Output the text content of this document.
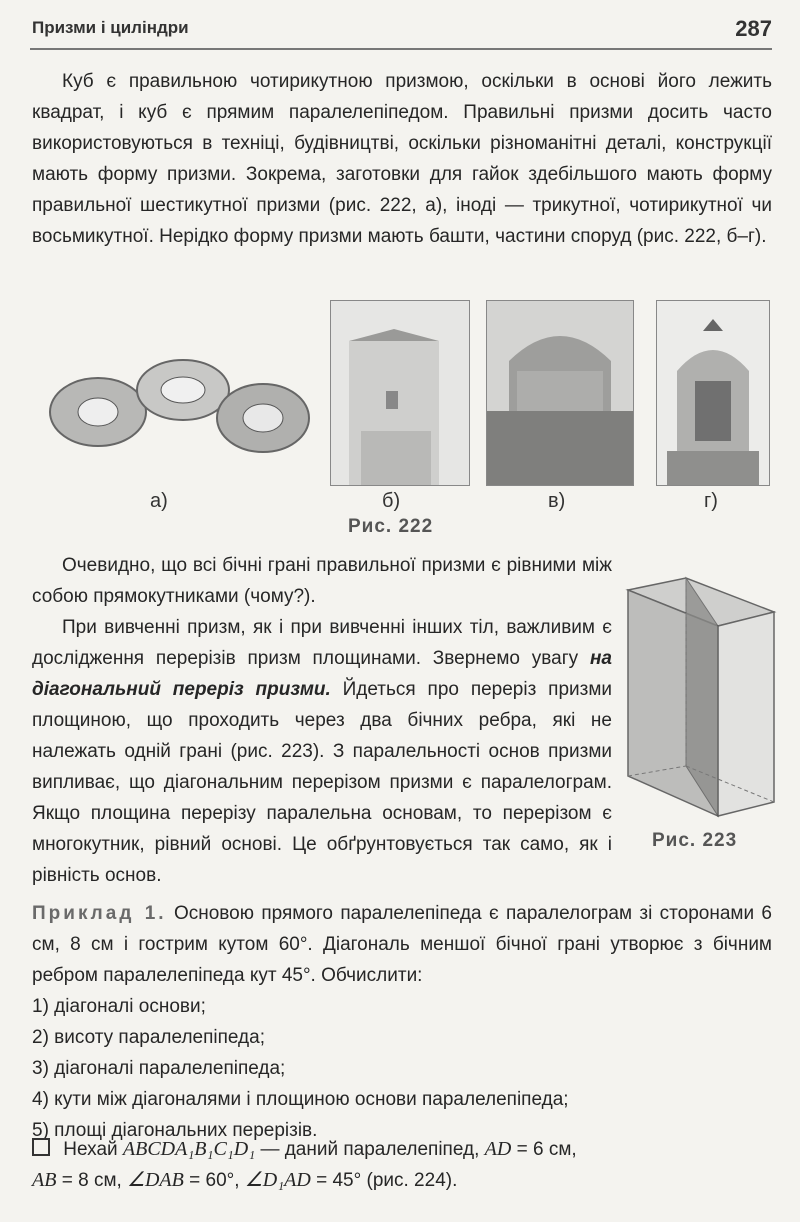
Призми і циліндри	287

Куб є правильною чотирикутною призмою, оскільки в основі його лежить квадрат, і куб є прямим паралелепіпедом. Правильні призми досить часто використовуються в техніці, будівництві, оскільки різноманітні деталі, конструкції мають форму призми. Зокрема, заготовки для гайок здебільшого мають форму правильної шестикутної призми (рис. 222, а), іноді — трикутної, чотирикутної чи восьмикутної. Нерідко форму призми мають башти, частини споруд (рис. 222, б–г).

а)	б)	в)	г)
Рис. 222

Очевидно, що всі бічні грані правильної призми є рівними між собою прямокутниками (чому?).

При вивченні призм, як і при вивченні інших тіл, важливим є дослідження перерізів призм площинами. Звернемо увагу на діагональний переріз призми. Йдеться про переріз призми площиною, що проходить через два бічних ребра, які не належать одній грані (рис. 223). З паралельності основ призми випливає, що діагональним перерізом призми є паралелограм. Якщо площина перерізу паралельна основам, то перерізом є многокутник, рівний основі. Це обґрунтовується так само, як і рівність основ.

Рис. 223

Приклад 1. Основою прямого паралелепіпеда є паралелограм зі сторонами 6 см, 8 см і гострим кутом 60°. Діагональ меншої бічної грані утворює з бічним ребром паралелепіпеда кут 45°. Обчислити:

1) діагоналі основи;

2) висоту паралелепіпеда;

3) діагоналі паралелепіпеда;

4) кути між діагоналями і площиною основи паралелепіпеда;

5) площі діагональних перерізів.

Нехай ABCDA₁B₁C₁D₁ — даний паралелепіпед, AD = 6 см,

AB = 8 см, ∠DAB = 60°, ∠D₁AD = 45° (рис. 224).
